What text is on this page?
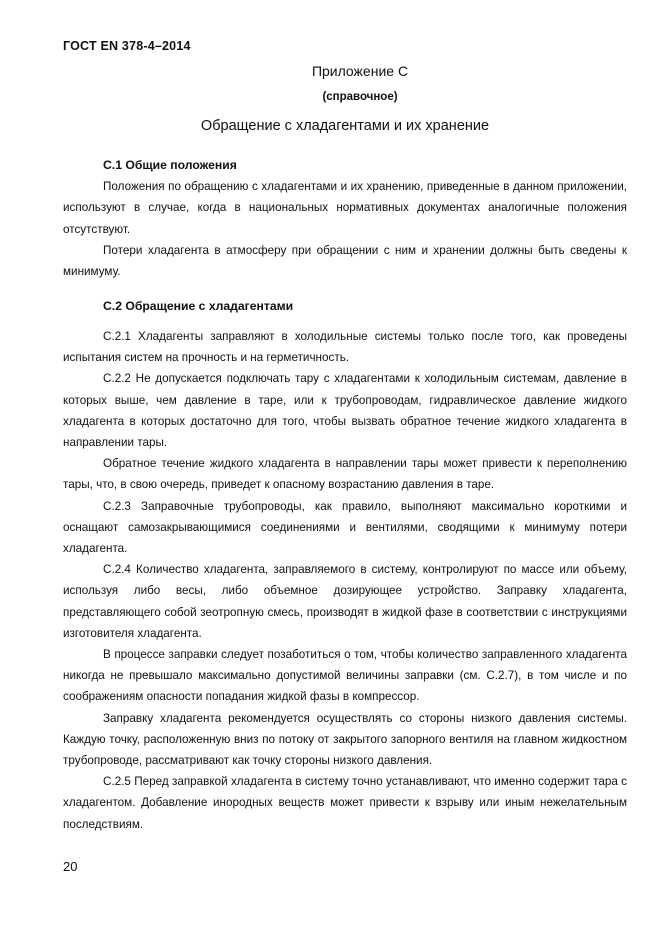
ГОСТ EN 378-4–2014
Приложение С
(справочное)
Обращение с хладагентами и их хранение
С.1 Общие положения

Положения по обращению с хладагентами и их хранению, приведенные в данном приложении, используют в случае, когда в национальных нормативных документах аналогичные положения отсутствуют.

Потери хладагента в атмосферу при обращении с ним и хранении должны быть сведены к минимуму.

С.2 Обращение с хладагентами

С.2.1 Хладагенты заправляют в холодильные системы только после того, как проведены испытания систем на прочность и на герметичность.

С.2.2 Не допускается подключать тару с хладагентами к холодильным системам, давление в которых выше, чем давление в таре, или к трубопроводам, гидравлическое давление жидкого хладагента в которых достаточно для того, чтобы вызвать обратное течение жидкого хладагента в направлении тары.

Обратное течение жидкого хладагента в направлении тары может привести к переполнению тары, что, в свою очередь, приведет к опасному возрастанию давления в таре.

С.2.3 Заправочные трубопроводы, как правило, выполняют максимально короткими и оснащают самозакрывающимися соединениями и вентилями, сводящими к минимуму потери хладагента.

С.2.4 Количество хладагента, заправляемого в систему, контролируют по массе или объему, используя либо весы, либо объемное дозирующее устройство. Заправку хладагента, представляющего собой зеотропную смесь, производят в жидкой фазе в соответствии с инструкциями изготовителя хладагента.

В процессе заправки следует позаботиться о том, чтобы количество заправленного хладагента никогда не превышало максимально допустимой величины заправки (см. С.2.7), в том числе и по соображениям опасности попадания жидкой фазы в компрессор.

Заправку хладагента рекомендуется осуществлять со стороны низкого давления системы. Каждую точку, расположенную вниз по потоку от закрытого запорного вентиля на главном жидкостном трубопроводе, рассматривают как точку стороны низкого давления.

С.2.5 Перед заправкой хладагента в систему точно устанавливают, что именно содержит тара с хладагентом. Добавление инородных веществ может привести к взрыву или иным нежелательным последствиям.

20
